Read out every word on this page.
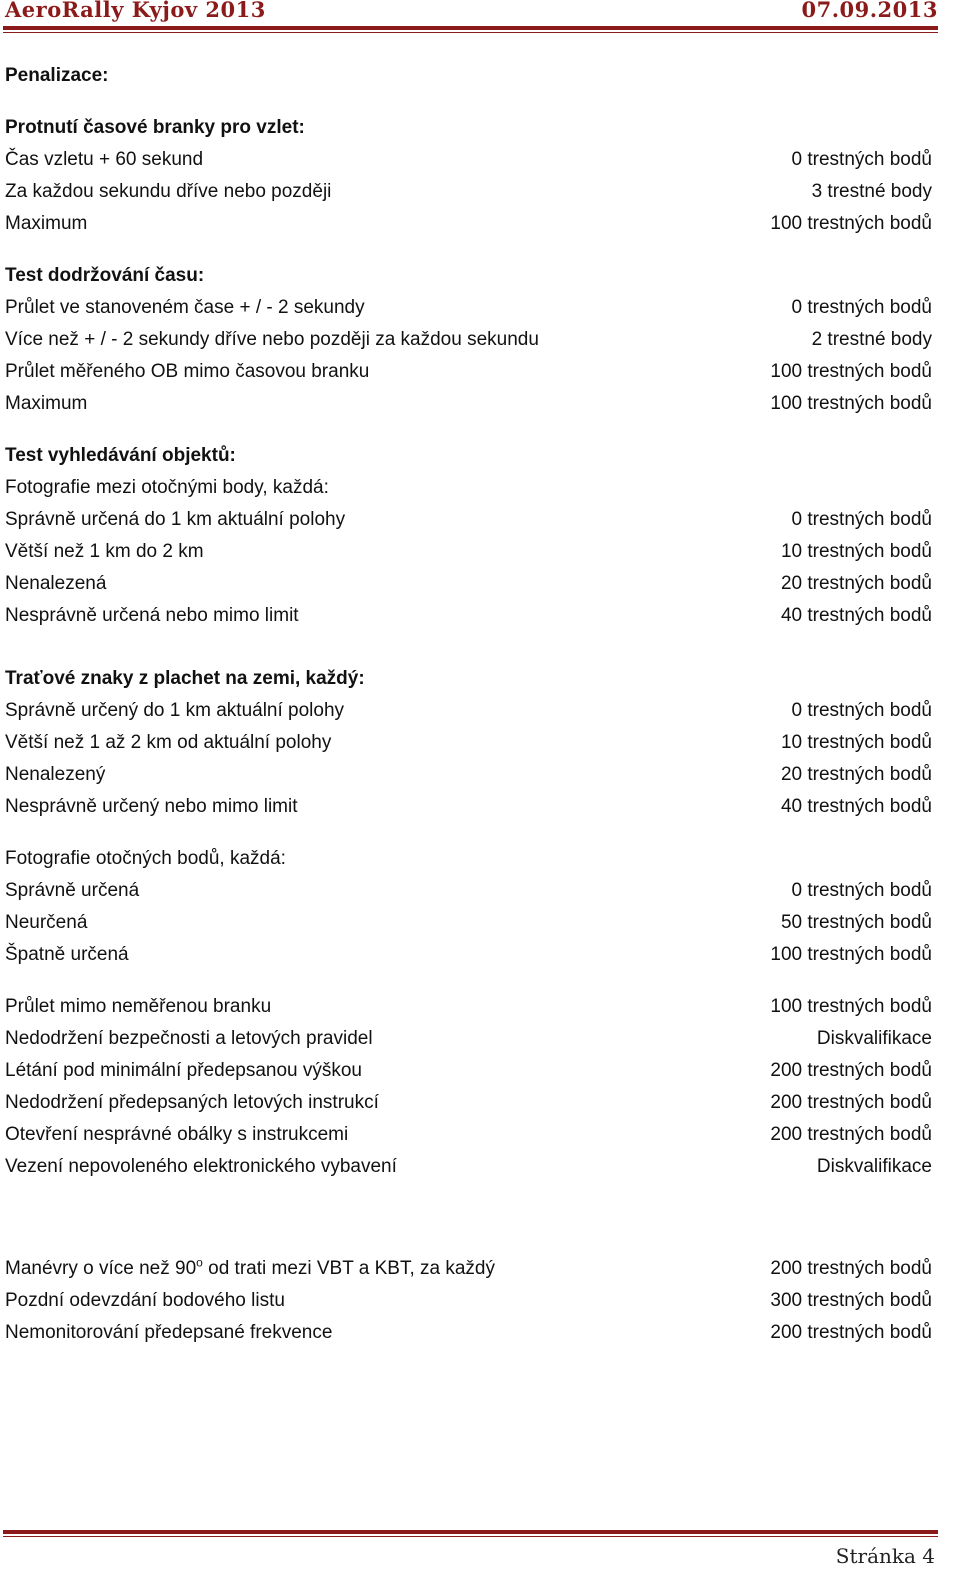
AeroRally Kyjov 2013	07.09.2013
Penalizace:
Protnutí časové branky pro vzlet:
Čas vzletu + 60 sekund	0 trestných bodů
Za každou sekundu dříve nebo později	3 trestné body
Maximum	100 trestných bodů
Test dodržování času:
Průlet ve stanoveném čase + / - 2 sekundy	0 trestných bodů
Více než + / - 2 sekundy dříve nebo později za každou sekundu	2 trestné body
Průlet měřeného OB mimo časovou branku	100 trestných bodů
Maximum	100 trestných bodů
Test vyhledávání objektů:
Fotografie mezi otočnými body, každá:
Správně určená do 1 km aktuální polohy	0 trestných bodů
Větší než 1 km do 2 km	10 trestných bodů
Nenalezená	20 trestných bodů
Nesprávně určená nebo mimo limit	40 trestných bodů
Traťové znaky z plachet na zemi, každý:
Správně určený do 1 km aktuální polohy	0 trestných bodů
Větší než 1 až 2 km od aktuální polohy	10 trestných bodů
Nenalezený	20 trestných bodů
Nesprávně určený nebo mimo limit	40 trestných bodů
Fotografie otočných bodů, každá:
Správně určená	0 trestných bodů
Neurčená	50 trestných bodů
Špatně určená	100 trestných bodů
Průlet mimo neměřenou branku	100 trestných bodů
Nedodržení bezpečnosti a letových pravidel	Diskvalifikace
Létání pod minimální předepsanou výškou	200 trestných bodů
Nedodržení předepsaných letových instrukcí	200 trestných bodů
Otevření nesprávné obálky s instrukcemi	200 trestných bodů
Vezení nepovoleného elektronického vybavení	Diskvalifikace
Manévry o více než 90$^o$ od trati mezi VBT a KBT, za každý	200 trestných bodů
Pozdní odevzdání bodového listu	300 trestných bodů
Nemonitorování předepsané frekvence	200 trestných bodů
Stránka 4
